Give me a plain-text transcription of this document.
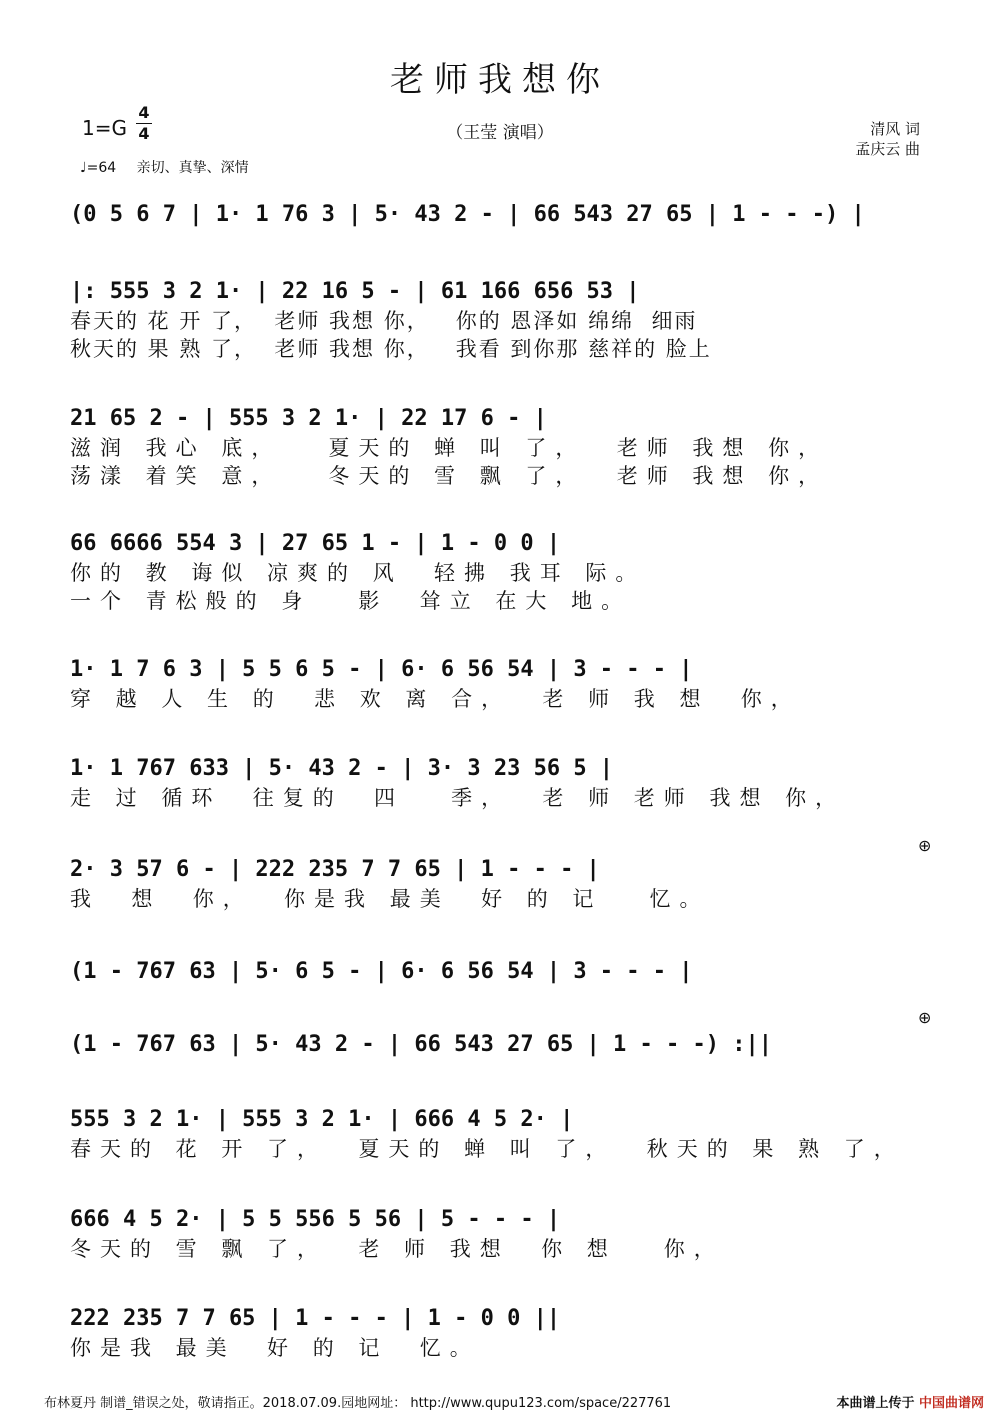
老师我想你
（王莹 演唱）	清风 词
孟庆云 曲
1=G
4
4
♩=64 亲切、真挚、深情
(0 5 6 7 | 1· 1 76 3 | 5· 43 2 - | 66 543 27 65 | 1 - - -) |
|: 555 3 2 1· | 22 16 5 - | 61 166 656 53 |
春天的 花 开 了，  老师 我想 你，   你的 恩泽如 绵绵  细雨
秋天的 果 熟 了，  老师 我想 你，   我看 到你那 慈祥的 脸上
21 65 2 - | 555 3 2 1· | 22 17 6 - |
滋润 我心 底，   夏天的 蝉 叫 了，  老师 我想 你，
荡漾 着笑 意，   冬天的 雪 飘 了，  老师 我想 你，
66 6666 554 3 | 27 65 1 - | 1 - 0 0 |
你的 教 诲似 凉爽的 风  轻拂 我耳 际。
一个 青松般的 身   影  耸立 在大 地。
1· 1 7 6 3 | 5 5 6 5 - | 6· 6 56 54 | 3 - - - |
穿 越 人 生 的  悲 欢 离 合，  老 师 我 想  你，
1· 1 767 633 | 5· 43 2 - | 3· 3 23 56 5 |
走 过 循环  往复的  四   季，  老 师 老师 我想 你，
2· 3 57 6 - | 222 235 7 7 65 | 1 - - - |
我  想  你，  你是我 最美  好 的 记   忆。
(1 - 767 63 | 5· 6 5 - | 6· 6 56 54 | 3 - - - |
(1 - 767 63 | 5· 43 2 - | 66 543 27 65 | 1 - - -) :||
555 3 2 1· | 555 3 2 1· | 666 4 5 2· |
春天的 花 开 了，  夏天的 蝉 叫 了，  秋天的 果 熟 了，
666 4 5 2· | 5 5 556 5 56 | 5 - - - |
冬天的 雪 飘 了，  老 师 我想  你 想   你，
222 235 7 7 65 | 1 - - - | 1 - 0 0 ||
你是我 最美  好 的 记  忆。
⊕
⊕
布林夏丹 制谱_错误之处，敬请指正。2018.07.09.园地网址： http://www.qupu123.com/space/227761	本曲谱上传于 中国曲谱网
